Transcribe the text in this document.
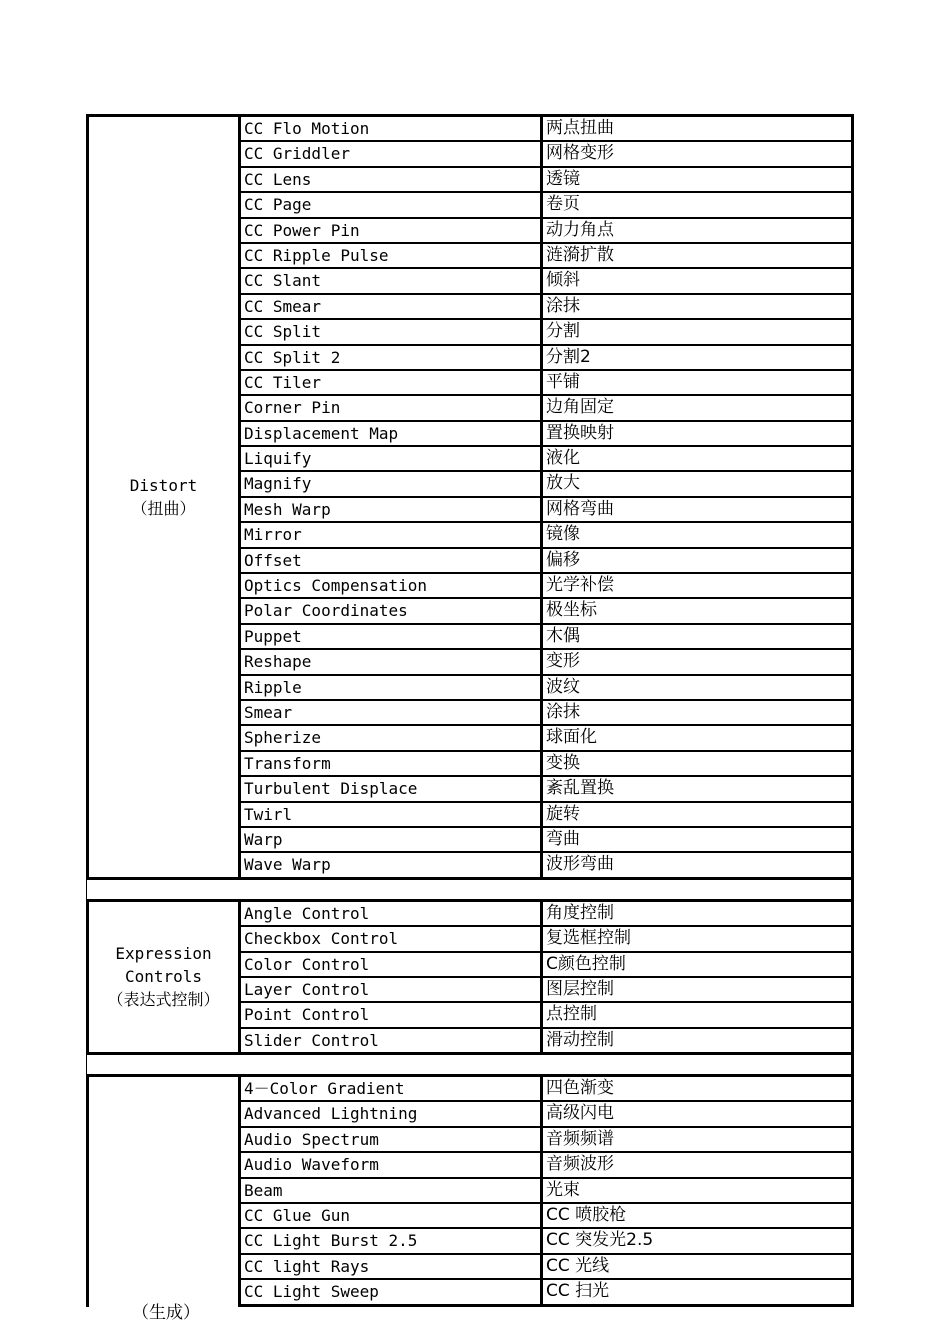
Distort
（扭曲）
CC Flo Motion	两点扭曲
CC Griddler	网格变形
CC Lens	透镜
CC Page	卷页
CC Power Pin	动力角点
CC Ripple Pulse	涟漪扩散
CC Slant	倾斜
CC Smear	涂抹
CC Split	分割
CC Split 2	分割2
CC Tiler	平铺
Corner Pin	边角固定
Displacement Map	置换映射
Liquify	液化
Magnify	放大
Mesh Warp	网格弯曲
Mirror	镜像
Offset	偏移
Optics Compensation	光学补偿
Polar Coordinates	极坐标
Puppet	木偶
Reshape	变形
Ripple	波纹
Smear	涂抹
Spherize	球面化
Transform	变换
Turbulent Displace	紊乱置换
Twirl	旋转
Warp	弯曲
Wave Warp	波形弯曲
Expression
Controls
（表达式控制）
Angle Control	角度控制
Checkbox Control	复选框控制
Color Control	C颜色控制
Layer Control	图层控制
Point Control	点控制
Slider Control	滑动控制
4－Color Gradient	四色渐变
Advanced Lightning	高级闪电
Audio Spectrum	音频频谱
Audio Waveform	音频波形
Beam	光束
CC Glue Gun	CC 喷胶枪
CC Light Burst 2.5	CC 突发光2.5
CC light Rays	CC 光线
CC Light Sweep	CC 扫光
（生成）
